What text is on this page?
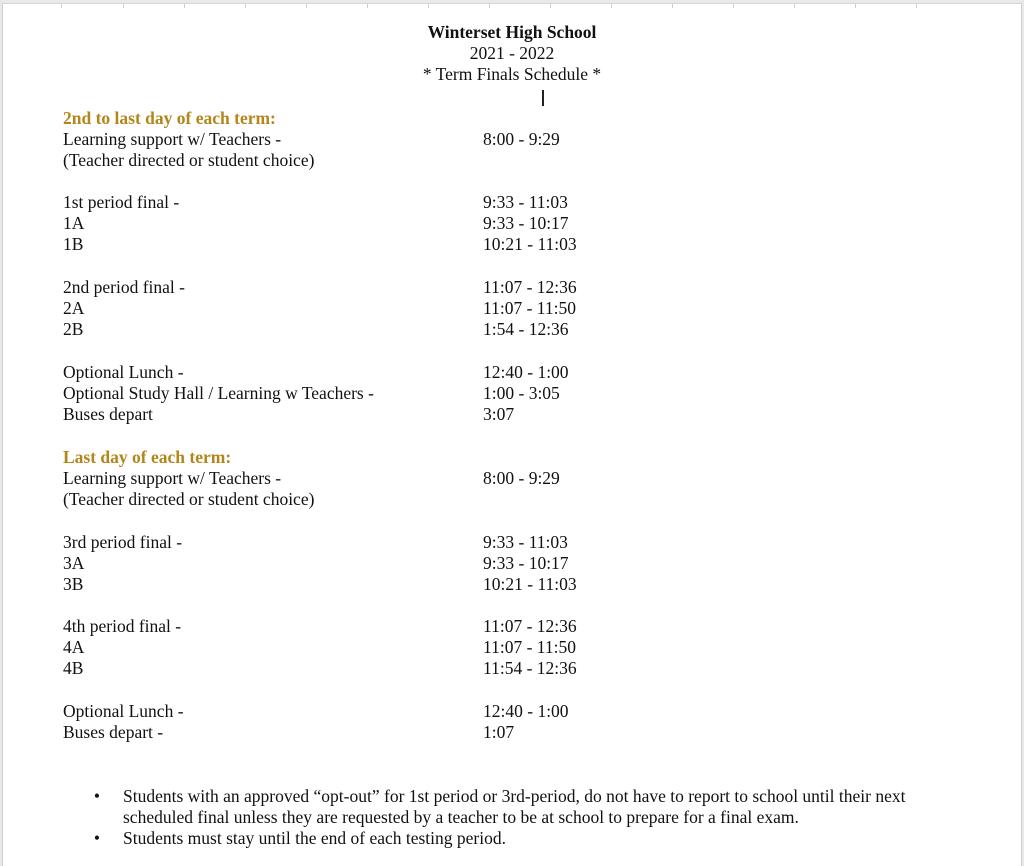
Winterset High School
2021 - 2022
* Term Finals Schedule *
2nd to last day of each term:
Learning support w/ Teachers -	8:00 - 9:29
(Teacher directed or student choice)
1st period final -	9:33 - 11:03
1A	9:33 - 10:17
1B	10:21 - 11:03
2nd period final -	11:07 - 12:36
2A	11:07 - 11:50
2B	1:54 - 12:36
Optional Lunch -	12:40 - 1:00
Optional Study Hall / Learning w Teachers -	1:00 - 3:05
Buses depart	3:07
Last day of each term:
Learning support w/ Teachers -	8:00 - 9:29
(Teacher directed or student choice)
3rd period final -	9:33 - 11:03
3A	9:33 - 10:17
3B	10:21 - 11:03
4th period final -	11:07 - 12:36
4A	11:07 - 11:50
4B	11:54 - 12:36
Optional Lunch -	12:40 - 1:00
Buses depart -	1:07
• Students with an approved “opt-out” for 1st period or 3rd-period, do not have to report to school until their next scheduled final unless they are requested by a teacher to be at school to prepare for a final exam.
• Students must stay until the end of each testing period.
